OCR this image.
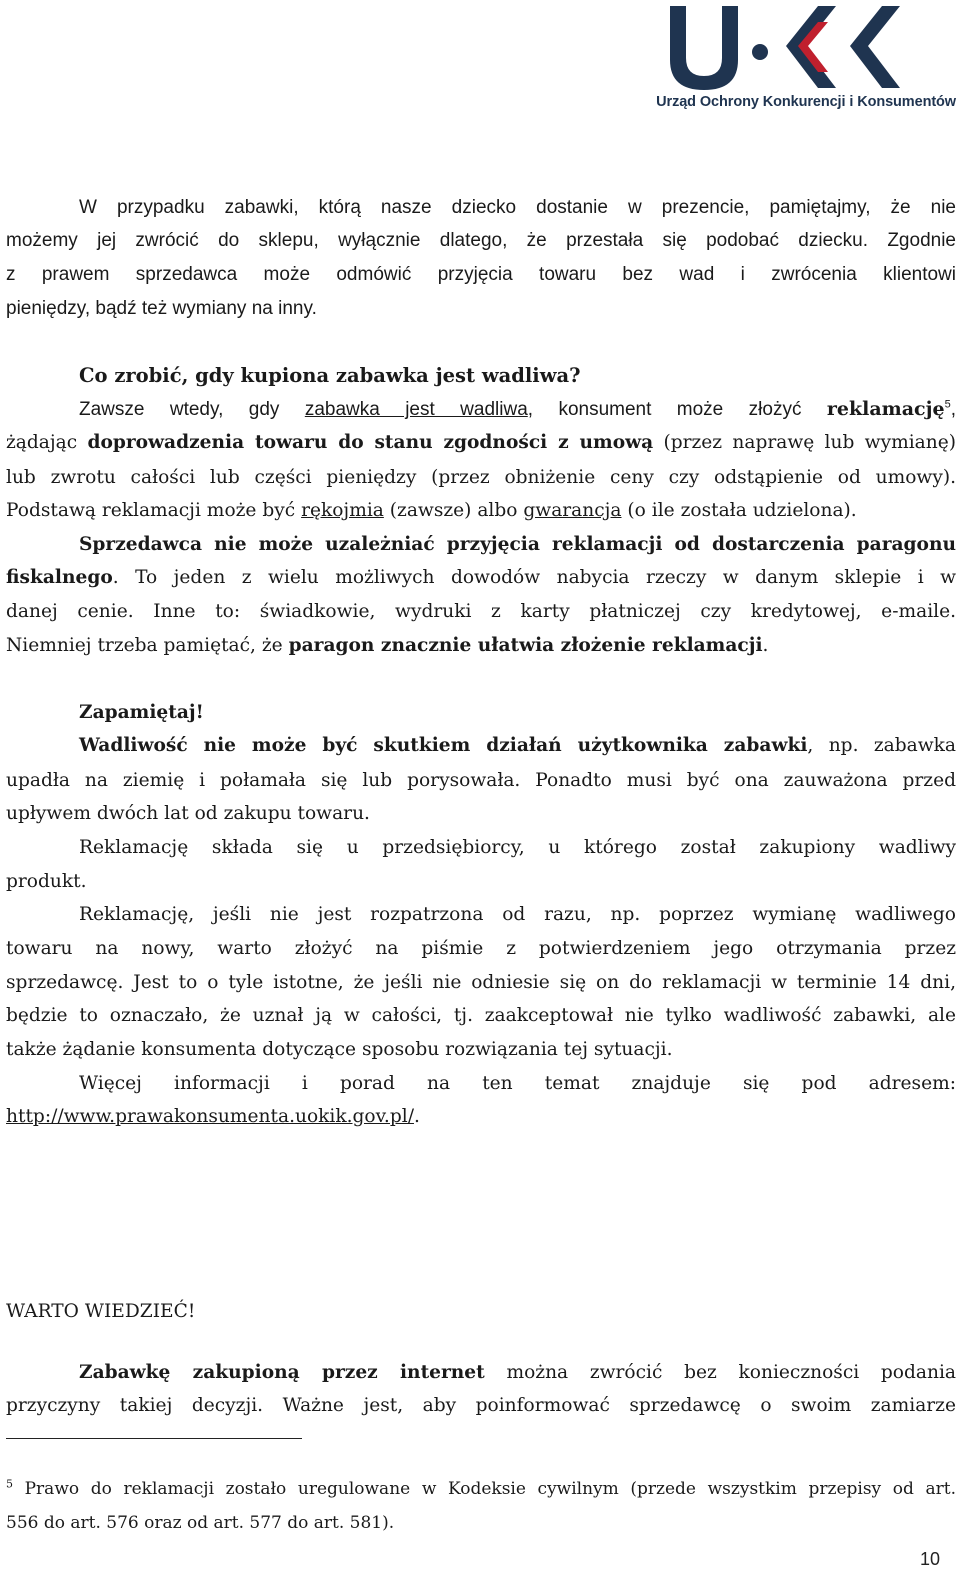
Urząd Ochrony Konkurencji i Konsumentów
W przypadku zabawki, którą nasze dziecko dostanie w prezencie, pamiętajmy, że nie
możemy jej zwrócić do sklepu, wyłącznie dlatego, że przestała się podobać dziecku. Zgodnie
z prawem sprzedawca może odmówić przyjęcia towaru bez wad i zwrócenia klientowi
pieniędzy, bądź też wymiany na inny.
Co zrobić, gdy kupiona zabawka jest wadliwa?
Zawsze wtedy, gdy zabawka jest wadliwa, konsument może złożyć reklamację$^5$,
żądając doprowadzenia towaru do stanu zgodności z umową (przez naprawę lub wymianę)
lub zwrotu całości lub części pieniędzy (przez obniżenie ceny czy odstąpienie od umowy).
Podstawą reklamacji może być rękojmia (zawsze) albo gwarancja (o ile została udzielona).
Sprzedawca nie może uzależniać przyjęcia reklamacji od dostarczenia paragonu
fiskalnego. To jeden z wielu możliwych dowodów nabycia rzeczy w danym sklepie i w
danej cenie. Inne to: świadkowie, wydruki z karty płatniczej czy kredytowej, e-maile.
Niemniej trzeba pamiętać, że paragon znacznie ułatwia złożenie reklamacji.
Zapamiętaj!
Wadliwość nie może być skutkiem działań użytkownika zabawki, np. zabawka
upadła na ziemię i połamała się lub porysowała. Ponadto musi być ona zauważona przed
upływem dwóch lat od zakupu towaru.
Reklamację składa się u przedsiębiorcy, u którego został zakupiony wadliwy
produkt.
Reklamację, jeśli nie jest rozpatrzona od razu, np. poprzez wymianę wadliwego
towaru na nowy, warto złożyć na piśmie z potwierdzeniem jego otrzymania przez
sprzedawcę. Jest to o tyle istotne, że jeśli nie odniesie się on do reklamacji w terminie 14 dni,
będzie to oznaczało, że uznał ją w całości, tj. zaakceptował nie tylko wadliwość zabawki, ale
także żądanie konsumenta dotyczące sposobu rozwiązania tej sytuacji.
Więcej informacji i porad na ten temat znajduje się pod adresem:
http://www.prawakonsumenta.uokik.gov.pl/.
WARTO WIEDZIEĆ!
Zabawkę zakupioną przez internet można zwrócić bez konieczności podania
przyczyny takiej decyzji. Ważne jest, aby poinformować sprzedawcę o swoim zamiarze
$^5$ Prawo do reklamacji zostało uregulowane w Kodeksie cywilnym (przede wszystkim przepisy od art.
556 do art. 576 oraz od art. 577 do art. 581).
10
